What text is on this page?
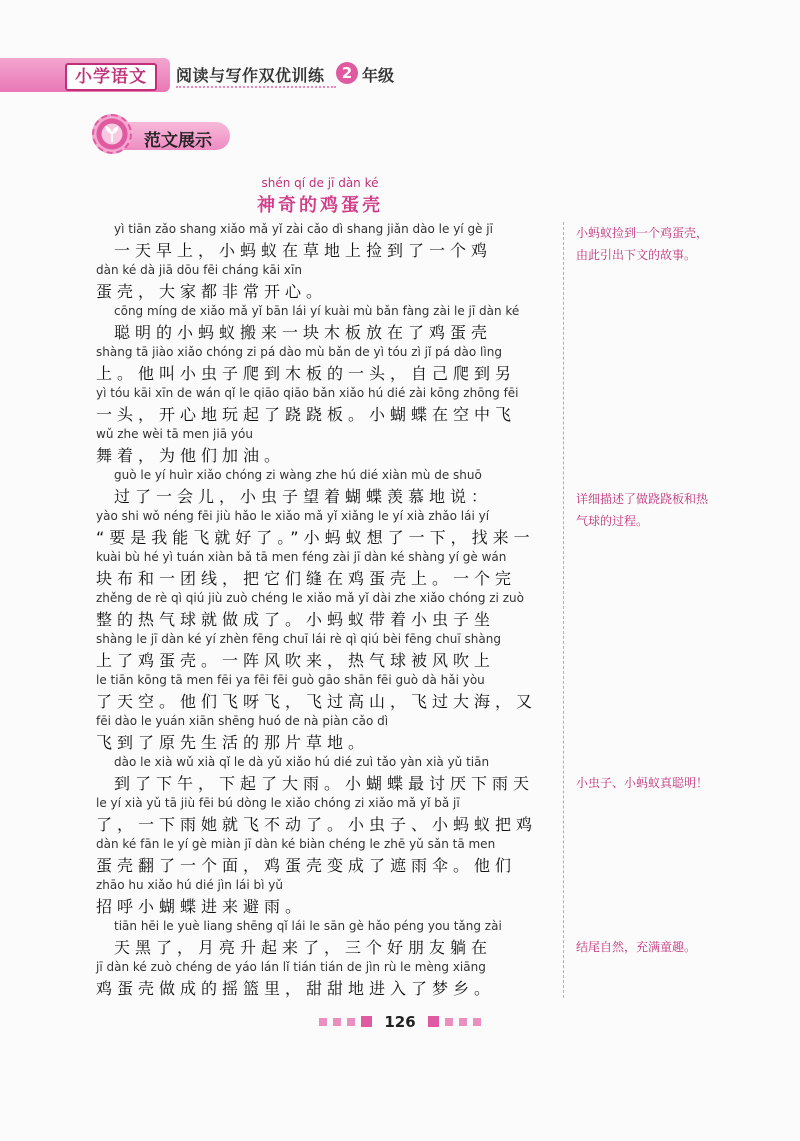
小学语文	阅读与写作双优训练	2 年级
范文展示
shén qí de jī dàn ké
神奇的鸡蛋壳
yì tiān zǎo shang xiǎo mǎ yǐ zài cǎo dì shang jiǎn dào le yí gè jī
一天早上，小蚂蚁在草地上捡到了一个鸡
dàn ké dà jiā dōu fēi cháng kāi xīn
蛋壳，大家都非常开心。
cōng míng de xiǎo mǎ yǐ bān lái yí kuài mù bǎn fàng zài le jī dàn ké
聪明的小蚂蚁搬来一块木板放在了鸡蛋壳
shàng tā jiào xiǎo chóng zi pá dào mù bǎn de yì tóu zì jǐ pá dào lìng
上。他叫小虫子爬到木板的一头，自己爬到另
yì tóu kāi xīn de wán qǐ le qiāo qiāo bǎn xiǎo hú dié zài kōng zhōng fēi
一头，开心地玩起了跷跷板。小蝴蝶在空中飞
wǔ zhe wèi tā men jiā yóu
舞着，为他们加油。
guò le yí huìr xiǎo chóng zi wàng zhe hú dié xiàn mù de shuō
过了一会儿，小虫子望着蝴蝶羡慕地说：
yào shi wǒ néng fēi jiù hǎo le xiǎo mǎ yǐ xiǎng le yí xià zhǎo lái yí
“要是我能飞就好了。”小蚂蚁想了一下，找来一
kuài bù hé yì tuán xiàn bǎ tā men féng zài jī dàn ké shàng yí gè wán
块布和一团线，把它们缝在鸡蛋壳上。一个完
zhěng de rè qì qiú jiù zuò chéng le xiǎo mǎ yǐ dài zhe xiǎo chóng zi zuò
整的热气球就做成了。小蚂蚁带着小虫子坐
shàng le jī dàn ké yí zhèn fēng chuī lái rè qì qiú bèi fēng chuī shàng
上了鸡蛋壳。一阵风吹来，热气球被风吹上
le tiān kōng tā men fēi ya fēi fēi guò gāo shān fēi guò dà hǎi yòu
了天空。他们飞呀飞，飞过高山，飞过大海，又
fēi dào le yuán xiān shēng huó de nà piàn cǎo dì
飞到了原先生活的那片草地。
dào le xià wǔ xià qǐ le dà yǔ xiǎo hú dié zuì tǎo yàn xià yǔ tiān
到了下午，下起了大雨。小蝴蝶最讨厌下雨天
le yí xià yǔ tā jiù fēi bú dòng le xiǎo chóng zi xiǎo mǎ yǐ bǎ jī
了，一下雨她就飞不动了。小虫子、小蚂蚁把鸡
dàn ké fān le yí gè miàn jī dàn ké biàn chéng le zhē yǔ sǎn tā men
蛋壳翻了一个面，鸡蛋壳变成了遮雨伞。他们
zhāo hu xiǎo hú dié jìn lái bì yǔ
招呼小蝴蝶进来避雨。
tiān hēi le yuè liang shēng qǐ lái le sān gè hǎo péng you tǎng zài
天黑了，月亮升起来了，三个好朋友躺在
jī dàn ké zuò chéng de yáo lán lǐ tián tián de jìn rù le mèng xiāng
鸡蛋壳做成的摇篮里，甜甜地进入了梦乡。
小蚂蚁捡到一个鸡蛋壳，由此引出下文的故事。
详细描述了做跷跷板和热气球的过程。
小虫子、小蚂蚁真聪明！
结尾自然，充满童趣。
126
